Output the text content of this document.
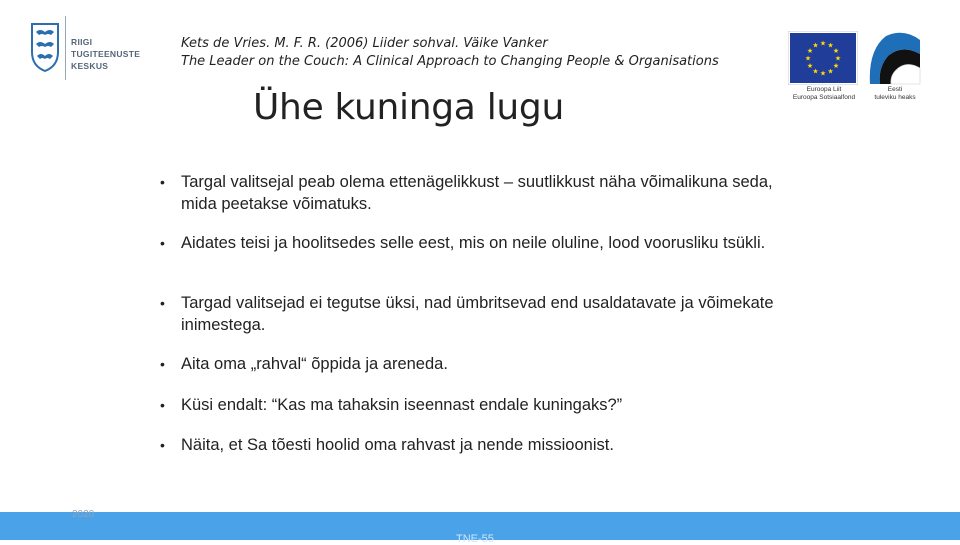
RIIGI TUGITEENUSTE KESKUS
Kets de Vries. M. F. R. (2006) Liider sohval. Väike Vanker
The Leader on the Couch: A Clinical Approach to Changing People & Organisations	★
★
★
★
★
★
★
★
★ ★ ★
★
Euroopa Liit
Euroopa Sotsiaalfond
Eesti
tuleviku heaks
Ühe kuninga lugu
• Targal valitsejal peab olema ettenägelikkust – suutlikkust näha võimalikuna seda, mida peetakse võimatuks.
• Aidates teisi ja hoolitsedes selle eest, mis on neile oluline, lood voorusliku tsükli.
• Targad valitsejad ei tegutse üksi, nad ümbritsevad end usaldatavate ja võimekate inimestega.
• Aita oma „rahval“ õppida ja areneda.
• Küsi endalt: “Kas ma tahaksin iseennast endale kuningaks?”
• Näita, et Sa tõesti hoolid oma rahvast ja nende missioonist.
2020
TNE-55
